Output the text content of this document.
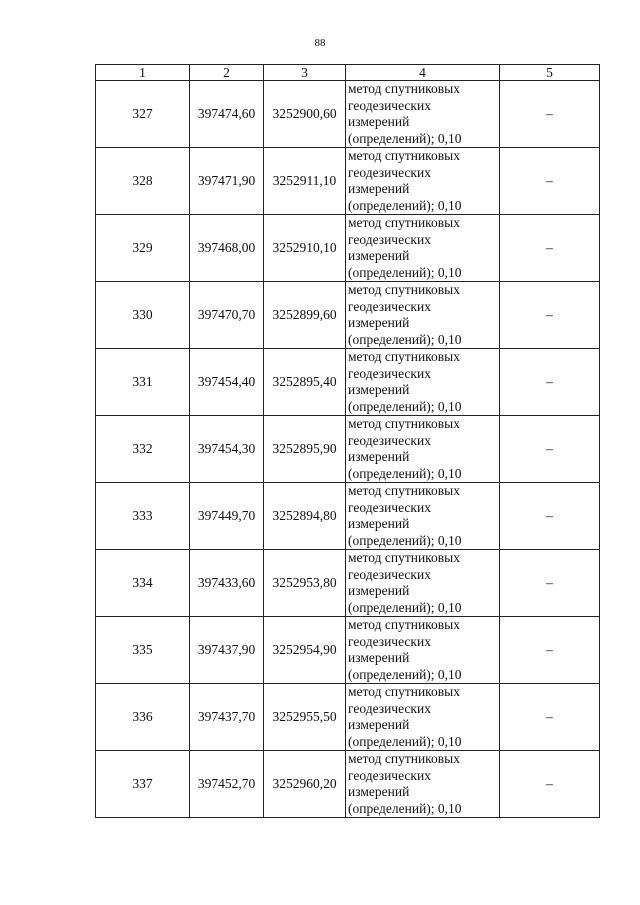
88
1	2	3	4	5
327	397474,60	3252900,60	метод спутниковых
геодезических
измерений
(определений); 0,10	–
328	397471,90	3252911,10	метод спутниковых
геодезических
измерений
(определений); 0,10	–
329	397468,00	3252910,10	метод спутниковых
геодезических
измерений
(определений); 0,10	–
330	397470,70	3252899,60	метод спутниковых
геодезических
измерений
(определений); 0,10	–
331	397454,40	3252895,40	метод спутниковых
геодезических
измерений
(определений); 0,10	–
332	397454,30	3252895,90	метод спутниковых
геодезических
измерений
(определений); 0,10	–
333	397449,70	3252894,80	метод спутниковых
геодезических
измерений
(определений); 0,10	–
334	397433,60	3252953,80	метод спутниковых
геодезических
измерений
(определений); 0,10	–
335	397437,90	3252954,90	метод спутниковых
геодезических
измерений
(определений); 0,10	–
336	397437,70	3252955,50	метод спутниковых
геодезических
измерений
(определений); 0,10	–
337	397452,70	3252960,20	метод спутниковых
геодезических
измерений
(определений); 0,10	–
